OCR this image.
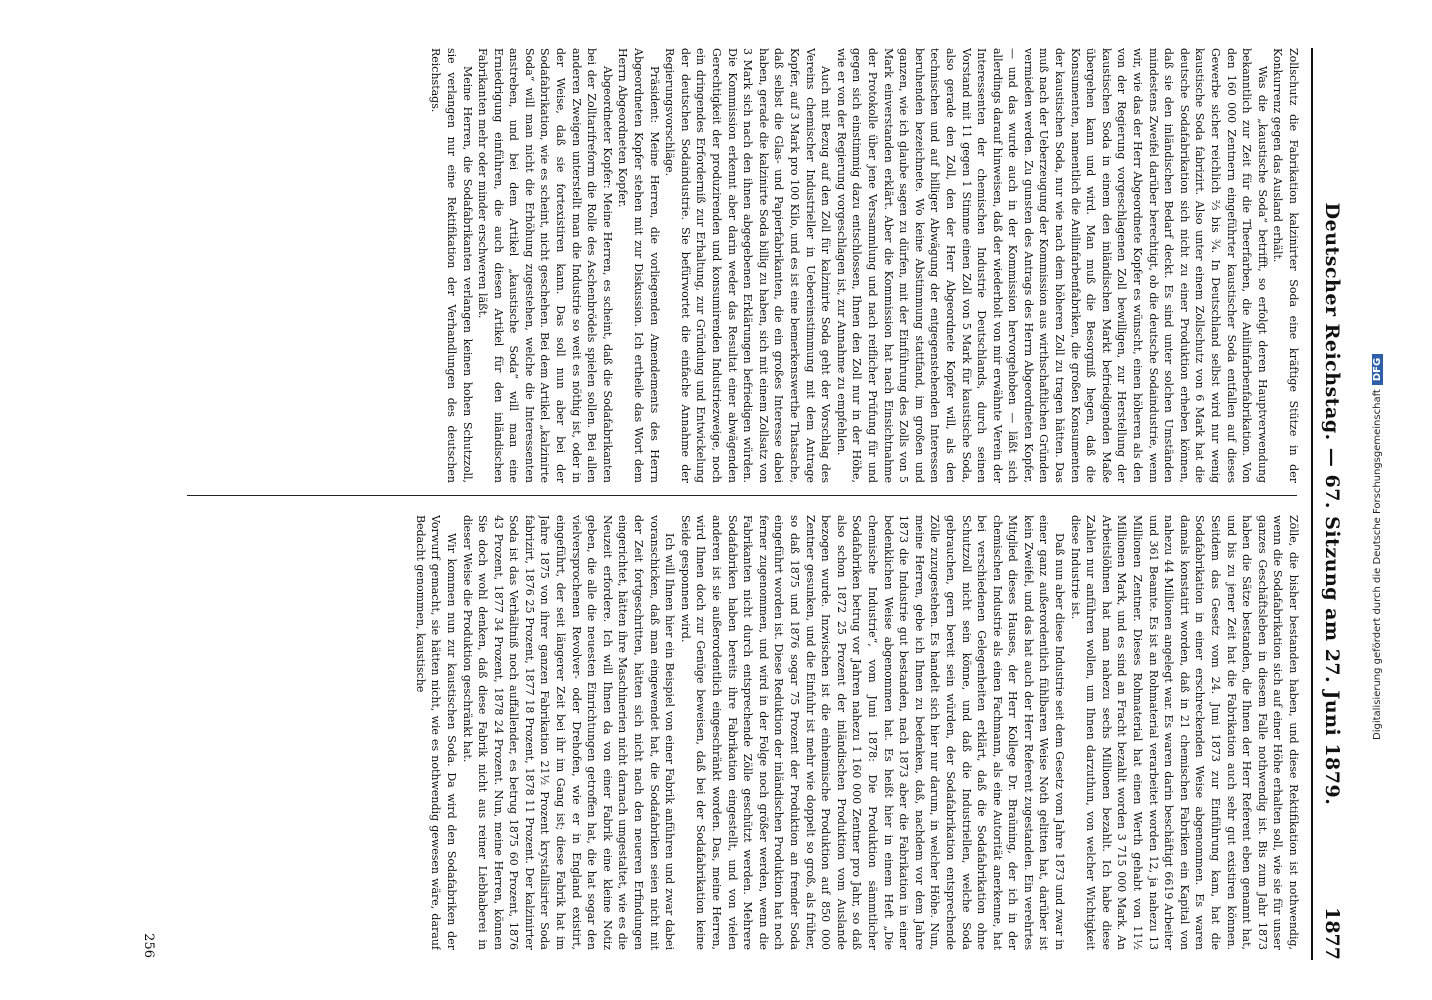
Deutscher Reichstag. — 67. Sitzung am 27. Juni 1879.
1877

Zollschutz die Fabrikation kalzinirter Soda eine kräftige Stütze in der Konkurrenz gegen das Ausland erhält.

Was die „kaustische Soda“ betrifft, so erfolgt deren Hauptverwendung bekanntlich zur Zeit für die Theerfarben, die Anilinfarbenfabrikation. Von den 160 000 Zentnern eingeführter kaustischer Soda entfallen auf dieses Gewerbe sicher reichlich ⅔ bis ¾. In Deutschland selbst wird nur wenig kaustische Soda fabrizirt. Also unter einem Zollschutz von 6 Mark hat die deutsche Sodafabrikation sich nicht zu einer Produktion erheben können, daß sie den inländischen Bedarf deckt. Es sind unter solchen Umständen mindestens Zweifel darüber berechtigt, ob die deutsche Sodaindustrie, wenn wir, wie das der Herr Abgeordnete Kopfer es wünscht, einen höheren als den von der Regierung vorgeschlagenen Zoll bewilligen, zur Herstellung der kaustischen Soda in einem den inländischen Markt befriedigenden Maße übergehen kann und wird. Man muß die Besorgniß hegen, daß die Konsumenten, namentlich die Anilinfarbenfabriken, die großen Konsumenten der kaustischen Soda, nur wie nach dem höheren Zoll zu tragen hätten. Das muß nach der Ueberzeugung der Kommission aus wirthschaftlichen Gründen vermieden werden. Zu gunsten des Antrags des Herrn Abgeordneten Kopfer, — und das wurde auch in der Kommission hervorgehoben — läßt sich allerdings darauf hinweisen, daß der wiederholt von mir erwähnte Verein der Interessenten der chemischen Industrie Deutschlands, durch seinen Vorstand mit 11 gegen 1 Stimme einen Zoll von 5 Mark für kaustische Soda, also gerade den Zoll, den der Herr Abgeordnete Kopfer will, als den technischen und auf billiger Abwägung der entgegenstehenden Interessen beruhenden bezeichnete. Wo keine Abstimmung stattfand, im großen und ganzen, wie ich glaube sagen zu dürfen, mit der Einführung des Zolls von 5 Mark einverstanden erklärt. Aber die Kommission hat nach Einsichtnahme der Protokolle über jene Versammlung und nach reiflicher Prüfung für und gegen sich einstimmig dazu entschlossen, Ihnen den Zoll nur in der Höhe, wie er von der Regierung vorgeschlagen ist, zur Annahme zu empfehlen.

Auch mit Bezug auf den Zoll für kalzinirte Soda geht der Vorschlag des Vereins chemischer Industrieller in Uebereinstimmung mit dem Antrage Kopfer, auf 3 Mark pro 100 Kilo, und es ist eine bemerkenswerthe Thatsache, daß selbst die Glas- und Papierfabrikanten, die ein großes Interesse dabei haben, gerade die kalzinirte Soda billig zu haben, sich mit einem Zollsatz von 3 Mark sich nach den ihnen abgegebenen Erklärungen befriedigen würden. Die Kommission erkennt aber darin weder das Resultat einer abwägenden Gerechtigkeit der produzirenden und konsumirenden Industriezweige, noch ein dringendes Erforderniß zur Erhaltung, zur Gründung und Entwickelung der deutschen Sodaindustrie. Sie befürwortet die einfache Annahme der Regierungsvorschläge.

Präsident: Meine Herren, die vorliegenden Amendements des Herrn Abgeordneten Kopfer stehen mit zur Diskussion. Ich ertheile das Wort dem Herrn Abgeordneten Kopfer.

Abgeordneter Kopfer: Meine Herren, es scheint, daß die Sodafabrikanten bei der Zolltarifreform die Rolle des Aschenbrödels spielen sollen. Bei allen anderen Zweigen unterstellt man die Industrie so weit es nöthig ist, oder in der Weise, daß sie fortexistiren kann. Das soll nun aber bei der Sodafabrikation, wie es scheint, nicht geschehen. Bei dem Artikel „kalzinirte Soda“ will man nicht die Erhöhung zugestehen, welche die Interessenten anstreben, und bei dem Artikel „kaustische Soda“ will man eine Erniedrigung einführen, die auch diesen Artikel für den inländischen Fabrikanten mehr oder minder erschweren läßt.

Meine Herren, die Sodafabrikanten verlangen keinen hohen Schutzzoll, sie verlangen nur eine Rektifikation der Verhandlungen des deutschen Reichstags.

Zölle, die bisher bestanden haben, und diese Rektifikation ist nothwendig, wenn die Sodafabrikation sich auf einer Höhe erhalten soll, wie sie für unser ganzes Geschäftsleben in diesem Falle nothwendig ist. Bis zum Jahr 1873 haben die Sätze bestanden, die Ihnen der Herr Referent eben genannt hat, und bis zu jener Zeit hat die Fabrikation auch sehr gut existiren können. Seitdem das Gesetz vom 24. Juni 1873 zur Einführung kam, hat die Sodafabrikation in einer erschreckenden Weise abgenommen. Es waren damals konstatirt worden, daß in 21 chemischen Fabriken ein Kapital von nahezu 44 Millionen angelegt war. Es waren darin beschäftigt 6619 Arbeiter und 361 Beamte. Es ist an Rohmaterial verarbeitet worden 12, ja nahezu 13 Millionen Zentner. Dieses Rohmaterial hat einen Werth gehabt von 11½ Millionen Mark, und es sind an Fracht bezahlt worden 3 715 000 Mark. An Arbeitslöhnen hat man nahezu sechs Millionen bezahlt. Ich habe diese Zahlen nur anführen wollen, um Ihnen darzuthun, von welcher Wichtigkeit diese Industrie ist.

Daß nun aber diese Industrie seit dem Gesetz vom Jahre 1873 und zwar in einer ganz außerordentlich fühlbaren Weise Noth gelitten hat, darüber ist kein Zweifel, und das hat auch der Herr Referent zugestanden. Ein verehrtes Mitglied dieses Hauses, der Herr Kollege Dr. Braüning, der ich in der chemischen Industrie als einen Fachmann, als eine Autorität anerkenne, hat bei verschiedenen Gelegenheiten erklärt, daß die Sodafabrikation ohne Schutzzoll nicht sein könne, und daß die Industriellen, welche Soda gebrauchen, gern bereit sein würden, der Sodafabrikation entsprechende Zölle zuzugestehen. Es handelt sich hier nur darum, in welcher Höhe. Nun, meine Herren, gebe ich Ihnen zu bedenken, daß, nachdem vor dem Jahre 1873 die Industrie gut bestanden, nach 1873 aber die Fabrikation in einer bedenklichen Weise abgenommen hat. Es heißt hier in einem Heft „Die chemische Industrie“, vom Juni 1878: Die Produktion sämmtlicher Sodafabriken betrug vor Jahren nahezu 1 160 000 Zentner pro Jahr, so daß also schon 1872 25 Prozent der inländischen Produktion vom Auslande bezogen wurde. Inzwischen ist die einheimische Produktion auf 850 000 Zentner gesunken, und die Einfuhr ist mehr wie doppelt so groß, als früher, so daß 1875 und 1876 sogar 75 Prozent der Produktion an fremder Soda eingeführt worden ist. Diese Reduktion der inländischen Produktion hat noch ferner zugenommen, und wird in der Folge noch größer werden, wenn die Fabrikanten nicht durch entsprechende Zölle geschützt werden. Mehrere Sodafabriken haben bereits ihre Fabrikation eingestellt, und von vielen anderen ist sie außerordentlich eingeschränkt worden. Das, meine Herren, wird Ihnen doch zur Genüge beweisen, daß bei der Sodafabrikation keine Seide gesponnen wird.

Ich will Ihnen hier ein Beispiel von einer Fabrik anführen und zwar dabei voranschicken, daß man eingewendet hat, die Sodafabriken seien nicht mit der Zeit fortgeschritten, hätten sich nicht nach den neueren Erfindungen eingerichtet, hätten ihre Maschinerien nicht darnach umgestaltet, wie es die Neuzeit erfordere. Ich will Ihnen da von einer Fabrik eine kleine Notiz geben, die alle die neuesten Einrichtungen getroffen hat, die hat sogar den vielversprochenen Revolver- oder Drehofen, wie er in England existirt, eingeführt, der seit längerer Zeit bei ihr im Gang ist; diese Fabrik hat im Jahre 1875 von ihrer ganzen Fabrikation 21½ Prozent krystallisirter Soda fabrizirt, 1876 25 Prozent, 1877 18 Prozent, 1878 11 Prozent. Der kalzinirter Soda ist das Verhältniß noch auffallender, es betrug 1875 60 Prozent, 1876 43 Prozent, 1877 34 Prozent, 1878 24 Prozent. Nun, meine Herren, können Sie doch wohl denken, daß diese Fabrik nicht aus reiner Liebhaberei in dieser Weise die Produktion geschränkt hat.

Wir kommen nun zur kaustischen Soda. Da wird den Sodafabriken der Vorwurf gemacht, sie hätten nicht, wie es nothwendig gewesen wäre, darauf Bedacht genommen, kaustische

256
Digitalisierung gefördert durch die Deutsche ForschungsgemeinschaftDFG
